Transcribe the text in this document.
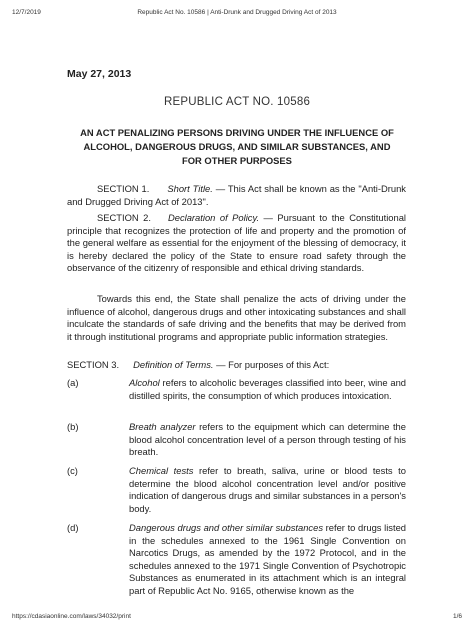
12/7/2019	Republic Act No. 10586 | Anti-Drunk and Drugged Driving Act of 2013
May 27, 2013
REPUBLIC ACT NO. 10586
AN ACT PENALIZING PERSONS DRIVING UNDER THE INFLUENCE OF ALCOHOL, DANGEROUS DRUGS, AND SIMILAR SUBSTANCES, AND FOR OTHER PURPOSES
SECTION 1. Short Title. — This Act shall be known as the "Anti-Drunk and Drugged Driving Act of 2013".
SECTION 2. Declaration of Policy. — Pursuant to the Constitutional principle that recognizes the protection of life and property and the promotion of the general welfare as essential for the enjoyment of the blessing of democracy, it is hereby declared the policy of the State to ensure road safety through the observance of the citizenry of responsible and ethical driving standards.
Towards this end, the State shall penalize the acts of driving under the influence of alcohol, dangerous drugs and other intoxicating substances and shall inculcate the standards of safe driving and the benefits that may be derived from it through institutional programs and appropriate public information strategies.
SECTION 3. Definition of Terms. — For purposes of this Act:
(a)	Alcohol refers to alcoholic beverages classified into beer, wine and distilled spirits, the consumption of which produces intoxication.
(b)	Breath analyzer refers to the equipment which can determine the blood alcohol concentration level of a person through testing of his breath.
(c)	Chemical tests refer to breath, saliva, urine or blood tests to determine the blood alcohol concentration level and/or positive indication of dangerous drugs and similar substances in a person's body.
(d)	Dangerous drugs and other similar substances refer to drugs listed in the schedules annexed to the 1961 Single Convention on Narcotics Drugs, as amended by the 1972 Protocol, and in the schedules annexed to the 1971 Single Convention of Psychotropic Substances as enumerated in its attachment which is an integral part of Republic Act No. 9165, otherwise known as the
https://cdasiaonline.com/laws/34032/print	1/6
